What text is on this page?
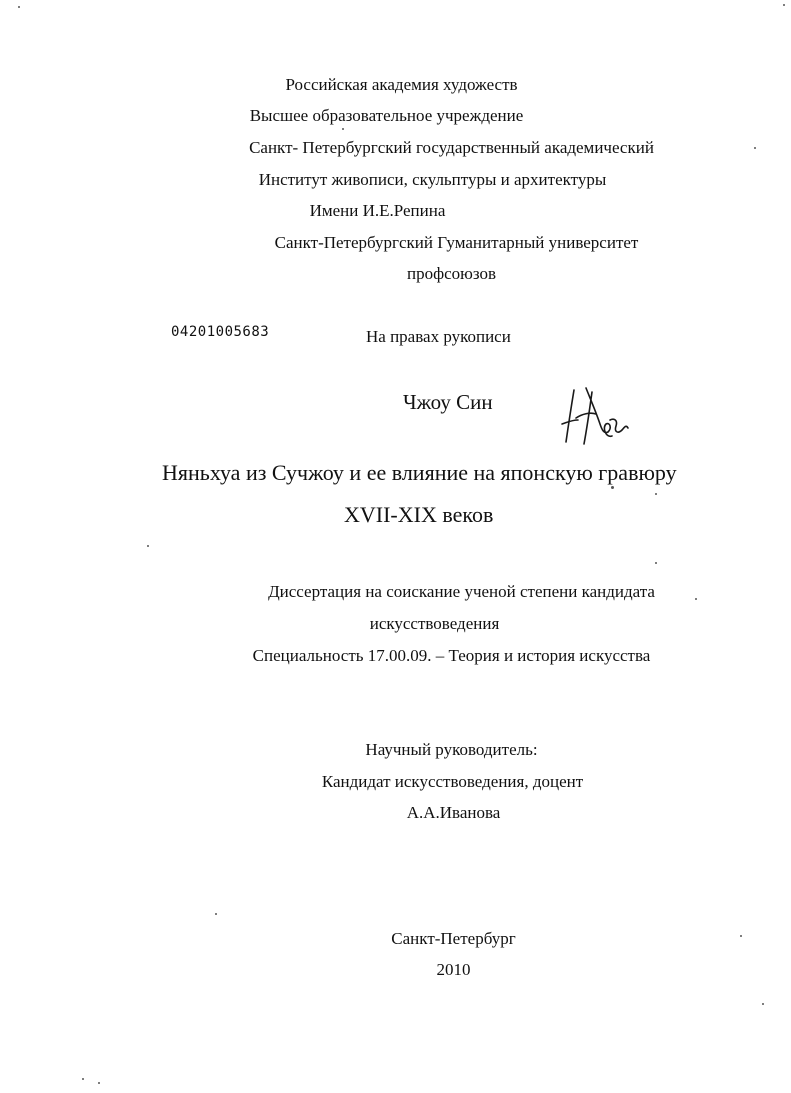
Российская академия художеств
Высшее образовательное учреждение
Санкт- Петербургский государственный академический
Институт живописи, скульптуры и архитектуры
Имени И.Е.Репина
Санкт-Петербургский Гуманитарный университет
профсоюзов
04201005683	На правах рукописи
Чжоу Син
Няньхуа из Сучжоу и ее влияние на японскую гравюру
XVII-XIX веков
Диссертация на соискание ученой степени кандидата
искусствоведения
Специальность 17.00.09. – Теория и история искусства
Научный руководитель:
Кандидат искусствоведения, доцент
А.А.Иванова
Санкт-Петербург
2010
